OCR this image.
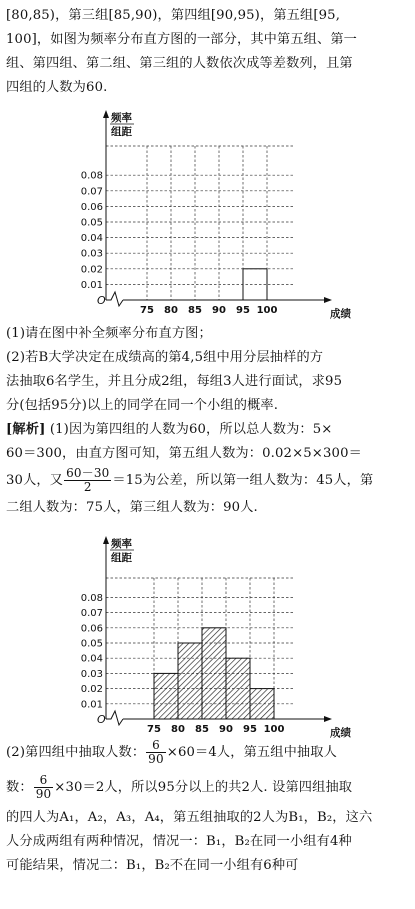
[80,85)，第三组[85,90)，第四组[90,95)，第五组[95,
100]，如图为频率分布直方图的一部分，其中第五组、第一
组、第四组、第二组、第三组的人数依次成等差数列，且第
四组的人数为60.
0.08
0.07
0.06
0.05
0.04
0.03
0.02
0.01
75 80 85 90 95 100
O
频率
组距
成绩
(1)请在图中补全频率分布直方图；
(2)若B大学决定在成绩高的第4,5组中用分层抽样的方
法抽取6名学生，并且分成2组，每组3人进行面试，求95
分(包括95分)以上的同学在同一个小组的概率.
[解析] (1)因为第四组的人数为60，所以总人数为：5×
60＝300，由直方图可知，第五组人数为：0.02×5×300＝
30人，又 $\frac{60-30}{2} =15$为公差，所以第一组人数为：45人，第
二组人数为：75人，第三组人数为：90人.
0.08
0.07
0.06
0.05
0.04
0.03
0.02
0.01
75 80 85 90 95 100
O
频率
组距
成绩
(2)第四组中抽取人数： $\frac{6}{90} \times 60=4$人，第五组中抽取人
数： $\frac{6}{90} \times 30=2$人，所以95分以上的共2人. 设第四组抽取
的四人为A₁，A₂，A₃，A₄，第五组抽取的2人为B₁，B₂，这六
人分成两组有两种情况，情况一：B₁，B₂在同一小组有4种
可能结果，情况二：B₁，B₂不在同一小组有6种可
